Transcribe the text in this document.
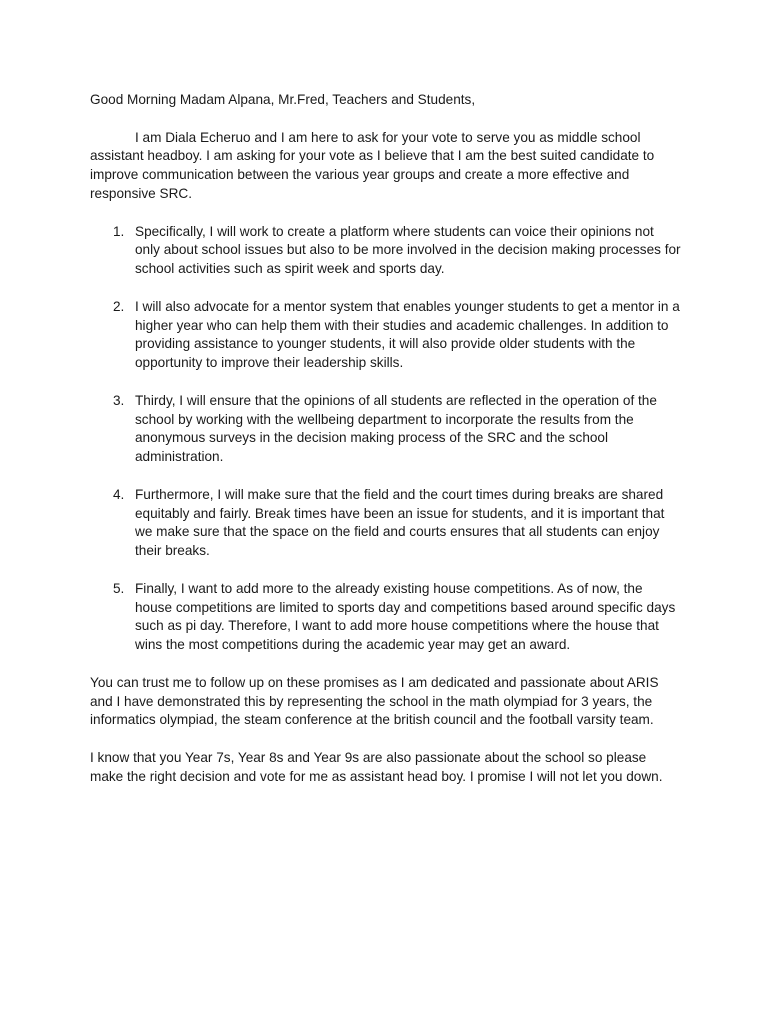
Good Morning Madam Alpana, Mr.Fred, Teachers and Students,

I am Diala Echeruo and I am here to ask for your vote to serve you as middle school assistant headboy. I am asking for your vote as I believe that I am the best suited candidate to improve communication between the various year groups and create a more effective and responsive SRC.

1. Specifically, I will work to create a platform where students can voice their opinions not only about school issues but also to be more involved in the decision making processes for school activities such as spirit week and sports day.
2. I will also advocate for a mentor system that enables younger students to get a mentor in a higher year who can help them with their studies and academic challenges. In addition to providing assistance to younger students, it will also provide older students with the opportunity to improve their leadership skills.
3. Thirdy, I will ensure that the opinions of all students are reflected in the operation of the school by working with the wellbeing department to incorporate the results from the anonymous surveys in the decision making process of the SRC and the school administration.
4. Furthermore, I will make sure that the field and the court times during breaks are shared equitably and fairly. Break times have been an issue for students, and it is important that we make sure that the space on the field and courts ensures that all students can enjoy their breaks.
5. Finally, I want to add more to the already existing house competitions. As of now, the house competitions are limited to sports day and competitions based around specific days such as pi day. Therefore, I want to add more house competitions where the house that wins the most competitions during the academic year may get an award.

You can trust me to follow up on these promises as I am dedicated and passionate about ARIS and I have demonstrated this by representing the school in the math olympiad for 3 years, the informatics olympiad, the steam conference at the british council and the football varsity team.

I know that you Year 7s, Year 8s and Year 9s are also passionate about the school so please make the right decision and vote for me as assistant head boy. I promise I will not let you down.
